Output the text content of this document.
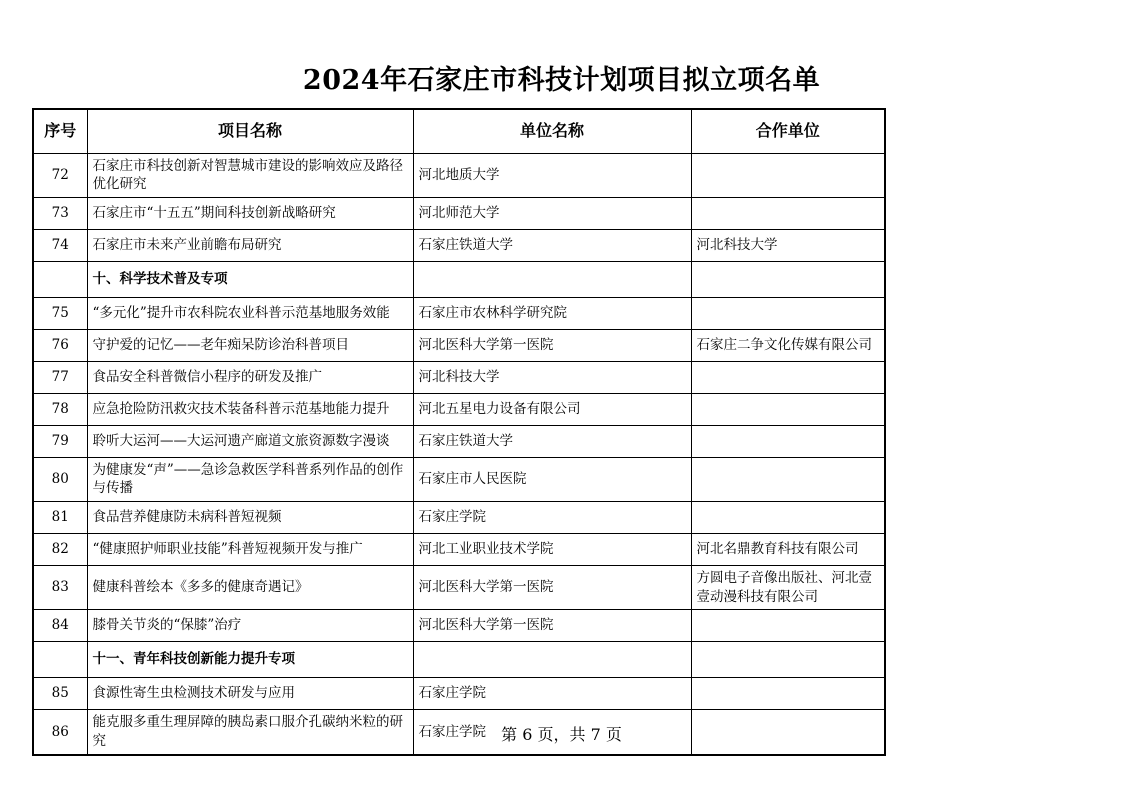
2024年石家庄市科技计划项目拟立项名单
序号	项目名称	单位名称	合作单位
72	石家庄市科技创新对智慧城市建设的影响效应及路径优化研究	河北地质大学	
73	石家庄市“十五五”期间科技创新战略研究	河北师范大学	
74	石家庄市未来产业前瞻布局研究	石家庄铁道大学	河北科技大学
	十、科学技术普及专项		
75	“多元化”提升市农科院农业科普示范基地服务效能	石家庄市农林科学研究院	
76	守护爱的记忆——老年痴呆防诊治科普项目	河北医科大学第一医院	石家庄二争文化传媒有限公司
77	食品安全科普微信小程序的研发及推广	河北科技大学	
78	应急抢险防汛救灾技术装备科普示范基地能力提升	河北五星电力设备有限公司	
79	聆听大运河——大运河遗产廊道文旅资源数字漫谈	石家庄铁道大学	
80	为健康发“声”——急诊急救医学科普系列作品的创作与传播	石家庄市人民医院	
81	食品营养健康防未病科普短视频	石家庄学院	
82	“健康照护师职业技能”科普短视频开发与推广	河北工业职业技术学院	河北名鼎教育科技有限公司
83	健康科普绘本《多多的健康奇遇记》	河北医科大学第一医院	方圆电子音像出版社、河北壹壹动漫科技有限公司
84	膝骨关节炎的“保膝”治疗	河北医科大学第一医院	
	十一、青年科技创新能力提升专项		
85	食源性寄生虫检测技术研发与应用	石家庄学院	
86	能克服多重生理屏障的胰岛素口服介孔碳纳米粒的研究	石家庄学院	第 6 页，共 7 页
